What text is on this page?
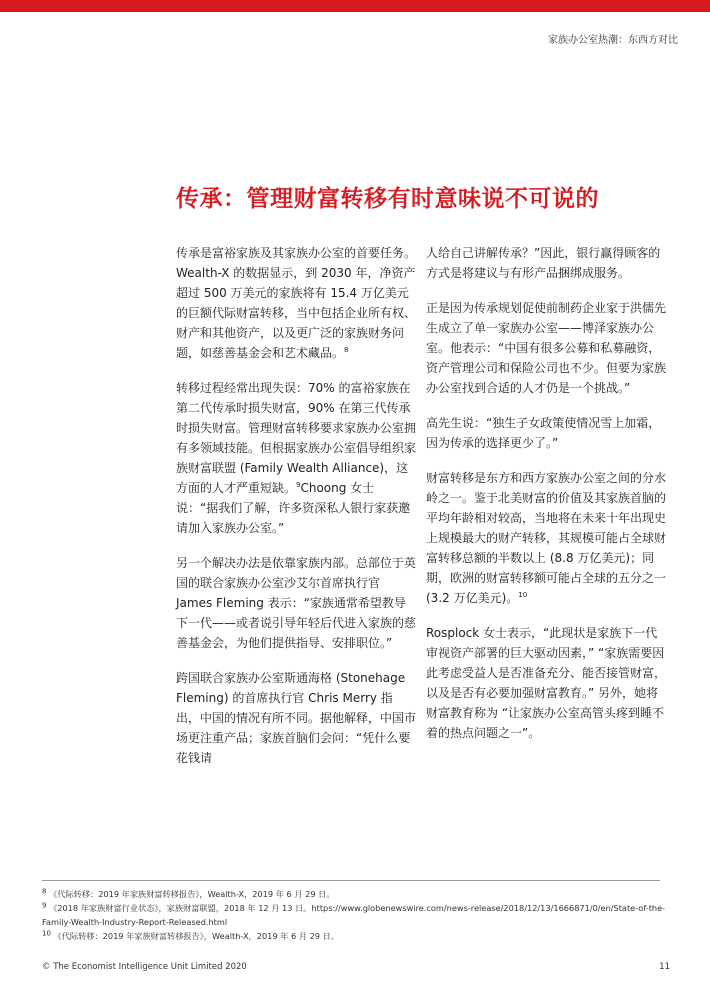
家族办公室热潮：东西方对比
传承：管理财富转移有时意味说不可说的

传承是富裕家族及其家族办公室的首要任务。Wealth-X 的数据显示，到 2030 年，净资产超过 500 万美元的家族将有 15.4 万亿美元的巨额代际财富转移，当中包括企业所有权、财产和其他资产，以及更广泛的家族财务问题，如慈善基金会和艺术藏品。$^8$

转移过程经常出现失误：70% 的富裕家族在第二代传承时损失财富，90% 在第三代传承时损失财富。管理财富转移要求家族办公室拥有多领域技能。但根据家族办公室倡导组织家族财富联盟 (Family Wealth Alliance)，这方面的人才严重短缺。$^9$Choong 女士说：“据我们了解，许多资深私人银行家获邀请加入家族办公室。”

另一个解决办法是依靠家族内部。总部位于英国的联合家族办公室沙艾尔首席执行官 James Fleming 表示：“家族通常希望教导下一代——或者说引导年轻后代进入家族的慈善基金会，为他们提供指导、安排职位。”

跨国联合家族办公室斯通海格 (Stonehage Fleming) 的首席执行官 Chris Merry 指出，中国的情况有所不同。据他解释，中国市场更注重产品；家族首脑们会问：“凭什么要花钱请

人给自己讲解传承？”因此，银行赢得顾客的方式是将建议与有形产品捆绑成服务。

正是因为传承规划促使前制药企业家于洪儒先生成立了单一家族办公室——博泽家族办公室。他表示：“中国有很多公募和私募融资，资产管理公司和保险公司也不少。但要为家族办公室找到合适的人才仍是一个挑战。”

高先生说：“独生子女政策使情况雪上加霜，因为传承的选择更少了。”

财富转移是东方和西方家族办公室之间的分水岭之一。鉴于北美财富的价值及其家族首脑的平均年龄相对较高，当地将在未来十年出现史上规模最大的财产转移，其规模可能占全球财富转移总额的半数以上 (8.8 万亿美元)；同期，欧洲的财富转移额可能占全球的五分之一 (3.2 万亿美元)。$^{10}$

Rosplock 女士表示，“此现状是家族下一代审视资产部署的巨大驱动因素，” “家族需要因此考虑受益人是否准备充分、能否接管财富，以及是否有必要加强财富教育。” 另外，她将财富教育称为 “让家族办公室高管头疼到睡不着的热点问题之一”。

$^8$ 《代际转移：2019 年家族财富转移报告》，Wealth-X，2019 年 6 月 29 日。

$^9$ 《2018 年家族财富行业状态》，家族财富联盟，2018 年 12 月 13 日。https://www.globenewswire.com/news-release/2018/12/13/1666871/0/en/State-of-the-Family-Wealth-Industry-Report-Released.html

$^{10}$ 《代际转移：2019 年家族财富转移报告》，Wealth-X，2019 年 6 月 29 日。

© The Economist Intelligence Unit Limited 2020	11
